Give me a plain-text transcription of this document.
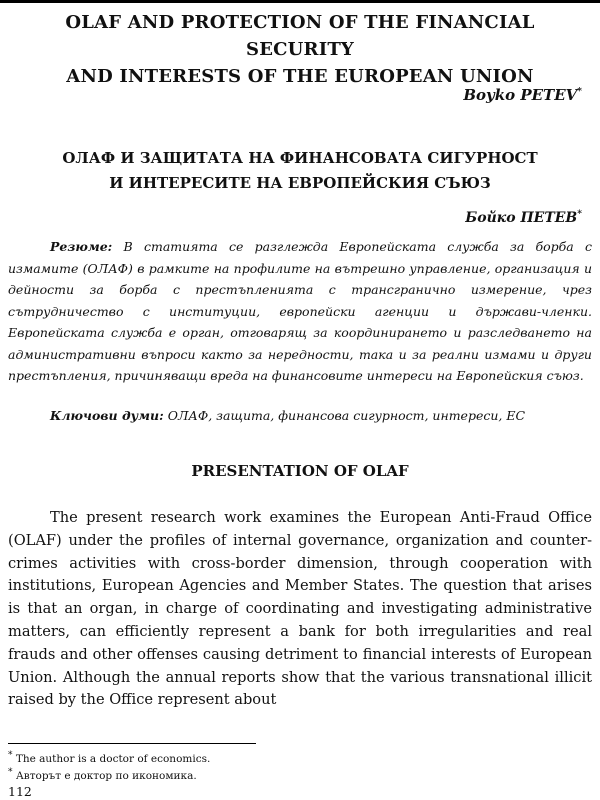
OLAF AND PROTECTION OF THE FINANCIAL SECURITY
AND INTERESTS OF THE EUROPEAN UNION
Boyko PETEV*
ОЛАФ И ЗАЩИТАТА НА ФИНАНСОВАТА СИГУРНОСТ
И ИНТЕРЕСИТЕ НА ЕВРОПЕЙСКИЯ СЪЮЗ
Бойко ПЕТЕВ*
Резюме: В статията се разглежда Европейската служба за борба с измамите (ОЛАФ) в рамките на профилите на вътрешно управление, организация и дейности за борба с престъпленията с трансгранично измерение, чрез сътрудничество с институции, европейски агенции и държави-членки. Европейската служба е орган, отговарящ за координирането и разследването на административни въпроси както за нередности, така и за реални измами и други престъпления, причиняващи вреда на финансовите интереси на Европейския съюз.
Ключови думи: ОЛАФ, защита, финансова сигурност, интереси, ЕС
PRESENTATION OF OLAF
The present research work examines the European Anti-Fraud Office (OLAF) under the profiles of internal governance, organization and counter-crimes activities with cross-border dimension, through cooperation with institutions, European Agencies and Member States. The question that arises is that an organ, in charge of coordinating and investigating administrative matters, can efficiently represent a bank for both irregularities and real frauds and other offenses causing detriment to financial interests of European Union. Although the annual reports show that the various transnational illicit raised by the Office represent about
* The author is a doctor of economics.
* Авторът е доктор по икономика.
112
